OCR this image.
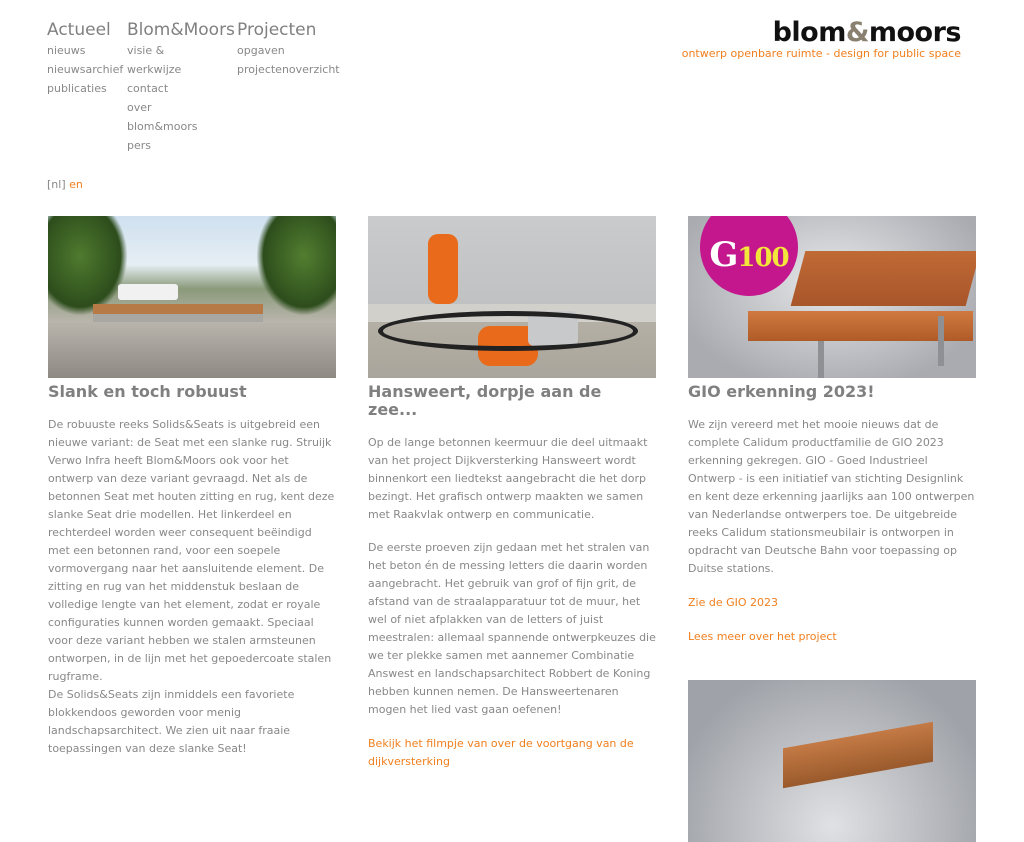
Actueel
nieuws
nieuwsarchief
publicaties
Blom&Moors
visie &
werkwijze
contact
over
blom&moors
pers
Projecten
opgaven
projectenoverzicht
blom&moors
ontwerp openbare ruimte - design for public space
[nl] en
Slank en toch robuust

De robuuste reeks Solids&Seats is uitgebreid een nieuwe variant: de Seat met een slanke rug. Struijk Verwo Infra heeft Blom&Moors ook voor het ontwerp van deze variant gevraagd. Net als de betonnen Seat met houten zitting en rug, kent deze slanke Seat drie modellen. Het linkerdeel en rechterdeel worden weer consequent beëindigd met een betonnen rand, voor een soepele vormovergang naar het aansluitende element. De zitting en rug van het middenstuk beslaan de volledige lengte van het element, zodat er royale configuraties kunnen worden gemaakt. Speciaal voor deze variant hebben we stalen armsteunen ontworpen, in de lijn met het gepoedercoate stalen rugframe.
De Solids&Seats zijn inmiddels een favoriete blokkendoos geworden voor menig landschapsarchitect. We zien uit naar fraaie toepassingen van deze slanke Seat!

Hansweert, dorpje aan de zee...

Op de lange betonnen keermuur die deel uitmaakt van het project Dijkversterking Hansweert wordt binnenkort een liedtekst aangebracht die het dorp bezingt. Het grafisch ontwerp maakten we samen met Raakvlak ontwerp en communicatie.

De eerste proeven zijn gedaan met het stralen van het beton én de messing letters die daarin worden aangebracht. Het gebruik van grof of fijn grit, de afstand van de straalapparatuur tot de muur, het wel of niet afplakken van de letters of juist meestralen: allemaal spannende ontwerpkeuzes die we ter plekke samen met aannemer Combinatie Answest en landschapsarchitect Robbert de Koning hebben kunnen nemen. De Hansweertenaren mogen het lied vast gaan oefenen!

Bekijk het filmpje van over de voortgang van de dijkversterking
G100
GIO erkenning 2023!

We zijn vereerd met het mooie nieuws dat de complete Calidum productfamilie de GIO 2023 erkenning gekregen. GIO - Goed Industrieel Ontwerp - is een initiatief van stichting Designlink en kent deze erkenning jaarlijks aan 100 ontwerpen van Nederlandse ontwerpers toe. De uitgebreide reeks Calidum stationsmeubilair is ontworpen in opdracht van Deutsche Bahn voor toepassing op Duitse stations.

Zie de GIO 2023
Lees meer over het project
